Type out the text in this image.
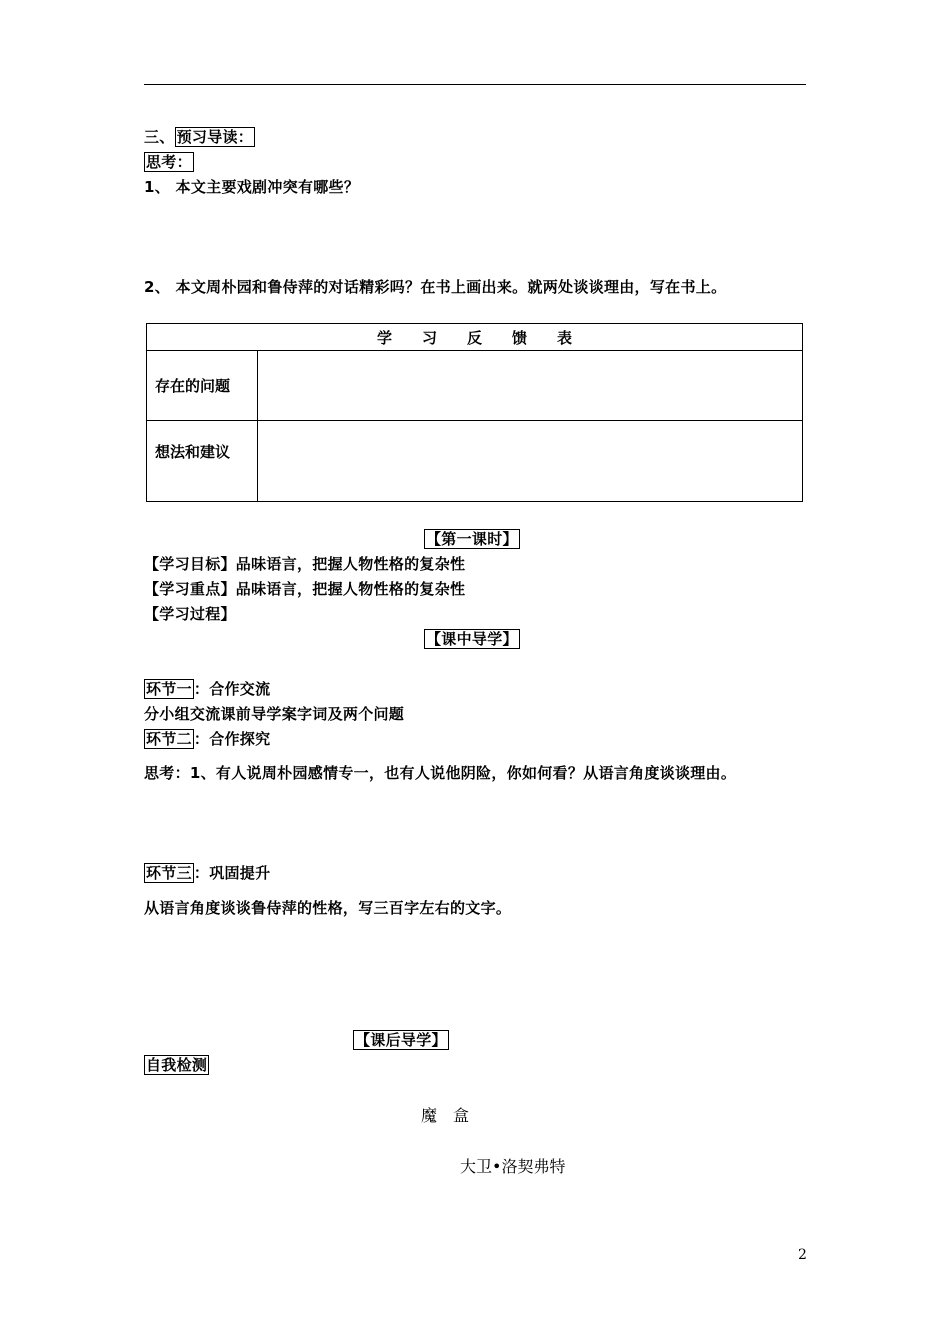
三、 预习导读：
思考：
1、 本文主要戏剧冲突有哪些？
2、 本文周朴园和鲁侍萍的对话精彩吗？在书上画出来。就两处谈谈理由，写在书上。
学习反馈表	
存在的问题	
想法和建议	
【第一课时】
【学习目标】品味语言，把握人物性格的复杂性
【学习重点】品味语言，把握人物性格的复杂性
【学习过程】
【课中导学】
环节一 ：合作交流
分小组交流课前导学案字词及两个问题
环节二 ：合作探究
思考：1、有人说周朴园感情专一，也有人说他阴险，你如何看？从语言角度谈谈理由。
环节三 ：巩固提升
从语言角度谈谈鲁侍萍的性格，写三百字左右的文字。
【课后导学】
自我检测
魔　盒
大卫•洛契弗特
2
